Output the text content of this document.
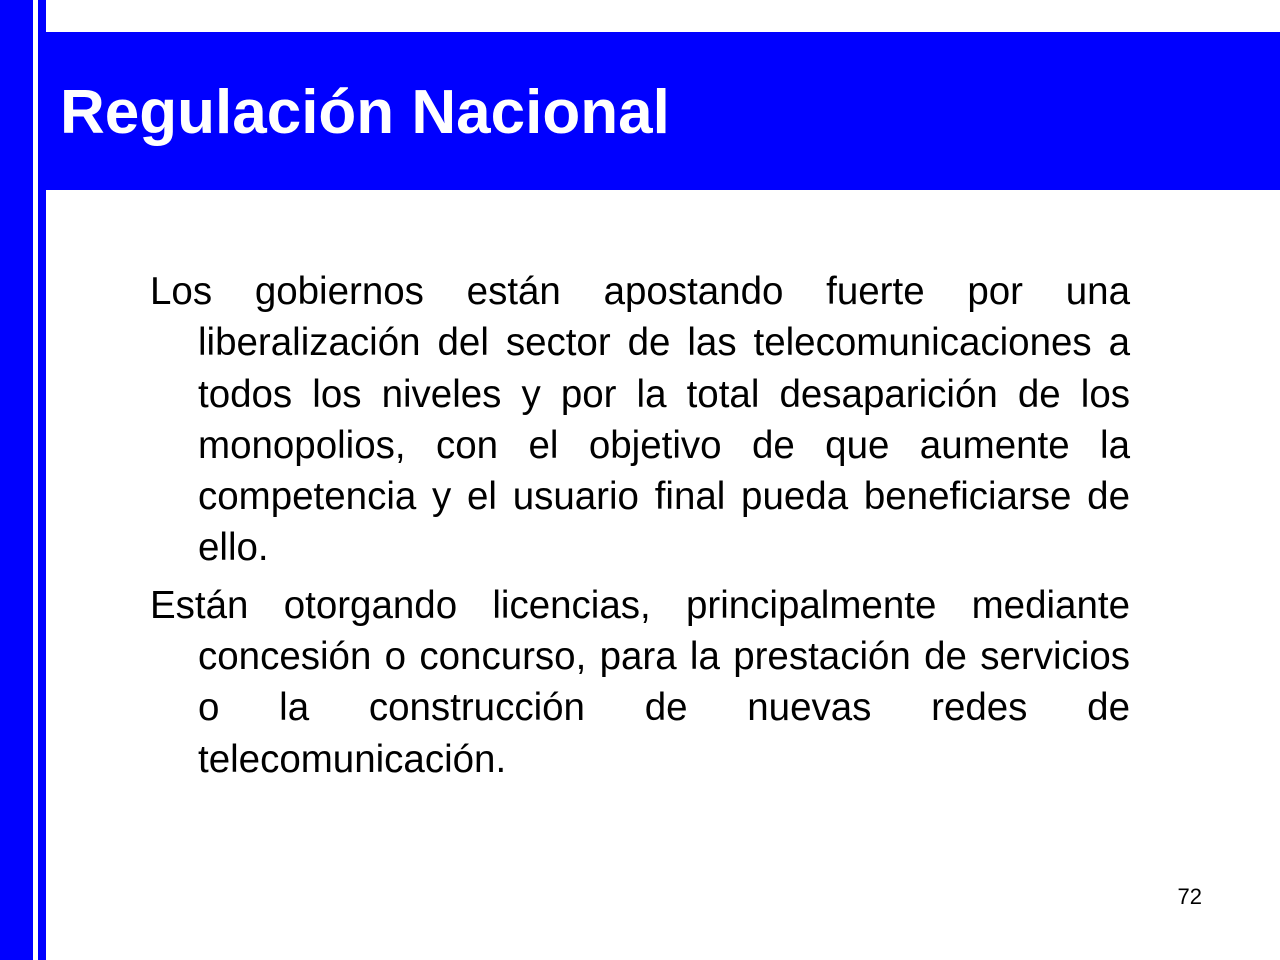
Regulación Nacional

Los gobiernos están apostando fuerte por una liberalización del sector de las telecomunicaciones a todos los niveles y por la total desaparición de los monopolios, con el objetivo de que aumente la competencia y el usuario final pueda beneficiarse de ello.

Están otorgando licencias, principalmente mediante concesión o concurso, para la prestación de servicios o la construcción de nuevas redes de telecomunicación.

72
